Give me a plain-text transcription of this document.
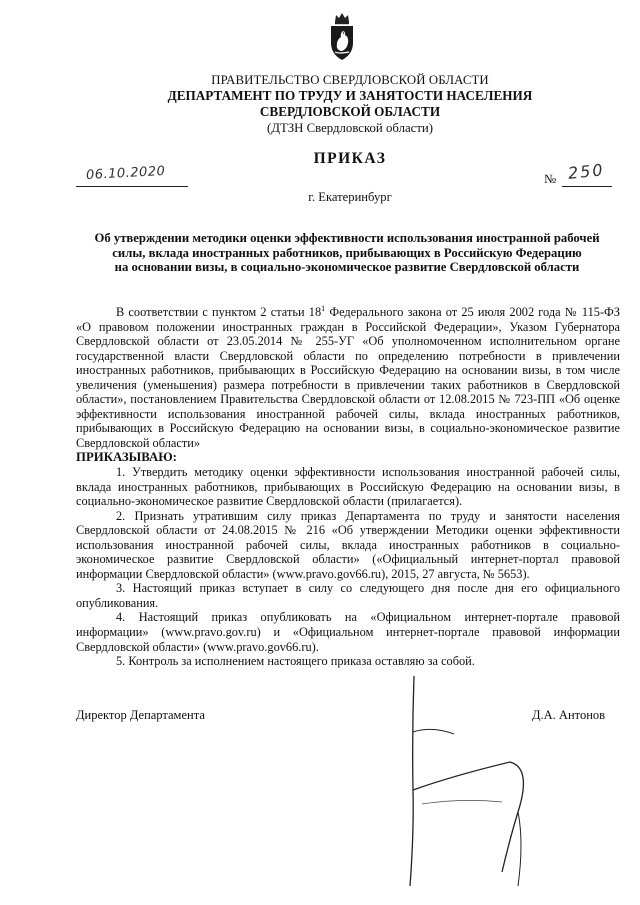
ПРАВИТЕЛЬСТВО СВЕРДЛОВСКОЙ ОБЛАСТИ
ДЕПАРТАМЕНТ ПО ТРУДУ И ЗАНЯТОСТИ НАСЕЛЕНИЯ
СВЕРДЛОВСКОЙ ОБЛАСТИ
(ДТЗН Свердловской области)
ПРИКАЗ
06.10.2020	№ 250
г. Екатеринбург
Об утверждении методики оценки эффективности использования иностранной рабочей
силы, вклада иностранных работников, прибывающих в Российскую Федерацию
на основании визы, в социально-экономическое развитие Свердловской области

В соответствии с пунктом 2 статьи $18^1$ Федерального закона от 25 июля 2002 года № 115-ФЗ «О правовом положении иностранных граждан в Российской Федерации», Указом Губернатора Свердловской области от 23.05.2014 № 255-УГ «Об уполномоченном исполнительном органе государственной власти Свердловской области по определению потребности в привлечении иностранных работников, прибывающих в Российскую Федерацию на основании визы, в том числе увеличения (уменьшения) размера потребности в привлечении таких работников в Свердловской области», постановлением Правительства Свердловской области от 12.08.2015 № 723-ПП «Об оценке эффективности использования иностранной рабочей силы, вклада иностранных работников, прибывающих в Российскую Федерацию на основании визы, в социально-экономическое развитие Свердловской области»

ПРИКАЗЫВАЮ:

1. Утвердить методику оценки эффективности использования иностранной рабочей силы, вклада иностранных работников, прибывающих в Российскую Федерацию на основании визы, в социально-экономическое развитие Свердловской области (прилагается).

2. Признать утратившим силу приказ Департамента по труду и занятости населения Свердловской области от 24.08.2015 № 216 «Об утверждении Методики оценки эффективности использования иностранной рабочей силы, вклада иностранных работников в социально-экономическое развитие Свердловской области» («Официальный интернет-портал правовой информации Свердловской области» (www.pravo.gov66.ru), 2015, 27 августа, № 5653).

3. Настоящий приказ вступает в силу со следующего дня после дня его официального опубликования.

4. Настоящий приказ опубликовать на «Официальном интернет-портале правовой информации» (www.pravo.gov.ru) и «Официальном интернет-портале правовой информации Свердловской области» (www.pravo.gov66.ru).

5. Контроль за исполнением настоящего приказа оставляю за собой.

Директор Департамента	Д.А. Антонов
